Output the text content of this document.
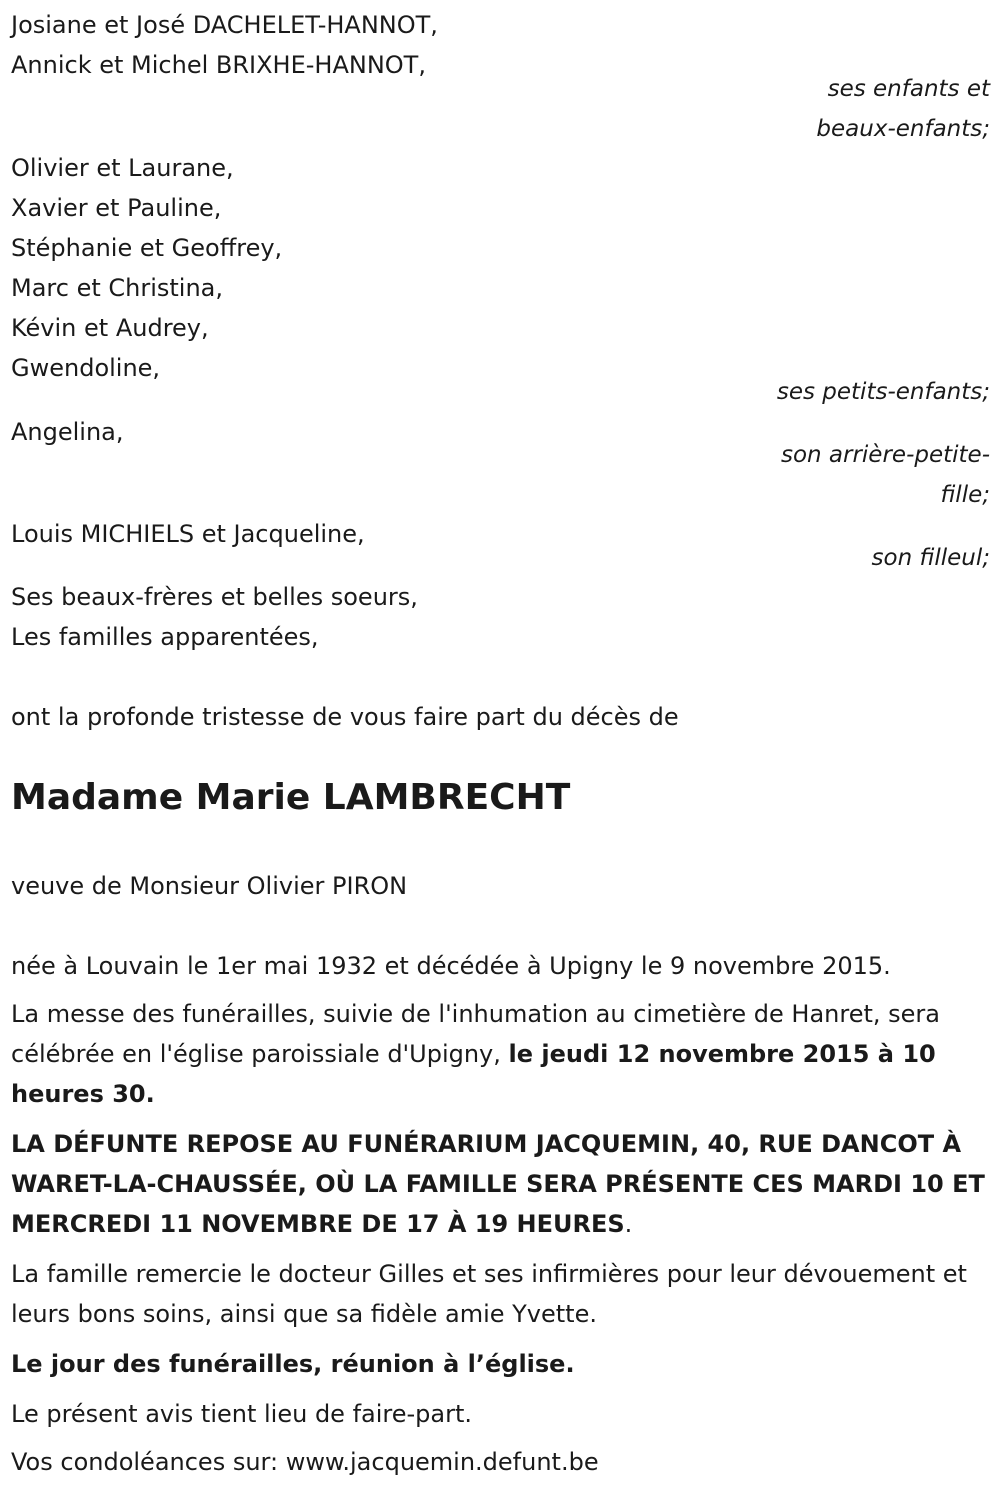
Josiane et José DACHELET-HANNOT,
Annick et Michel BRIXHE-HANNOT,
ses enfants et
beaux-enfants;
Olivier et Laurane,
Xavier et Pauline,
Stéphanie et Geoffrey,
Marc et Christina,
Kévin et Audrey,
Gwendoline,
ses petits-enfants;
Angelina,
son arrière-petite-
fille;
Louis MICHIELS et Jacqueline,
son filleul;
Ses beaux-frères et belles soeurs,
Les familles apparentées,
ont la profonde tristesse de vous faire part du décès de
Madame Marie LAMBRECHT
veuve de Monsieur Olivier PIRON
née à Louvain le 1er mai 1932 et décédée à Upigny le 9 novembre 2015.
La messe des funérailles, suivie de l'inhumation au cimetière de Hanret, sera célébrée en l'église paroissiale d'Upigny, le jeudi 12 novembre 2015 à 10 heures 30.
LA DÉFUNTE REPOSE AU FUNÉRARIUM JACQUEMIN, 40, RUE DANCOT À WARET-LA-CHAUSSÉE, OÙ LA FAMILLE SERA PRÉSENTE CES MARDI 10 ET MERCREDI 11 NOVEMBRE DE 17 À 19 HEURES.
La famille remercie le docteur Gilles et ses infirmières pour leur dévouement et leurs bons soins, ainsi que sa fidèle amie Yvette.
Le jour des funérailles, réunion à l’église.
Le présent avis tient lieu de faire-part.
Vos condoléances sur: www.jacquemin.defunt.be
